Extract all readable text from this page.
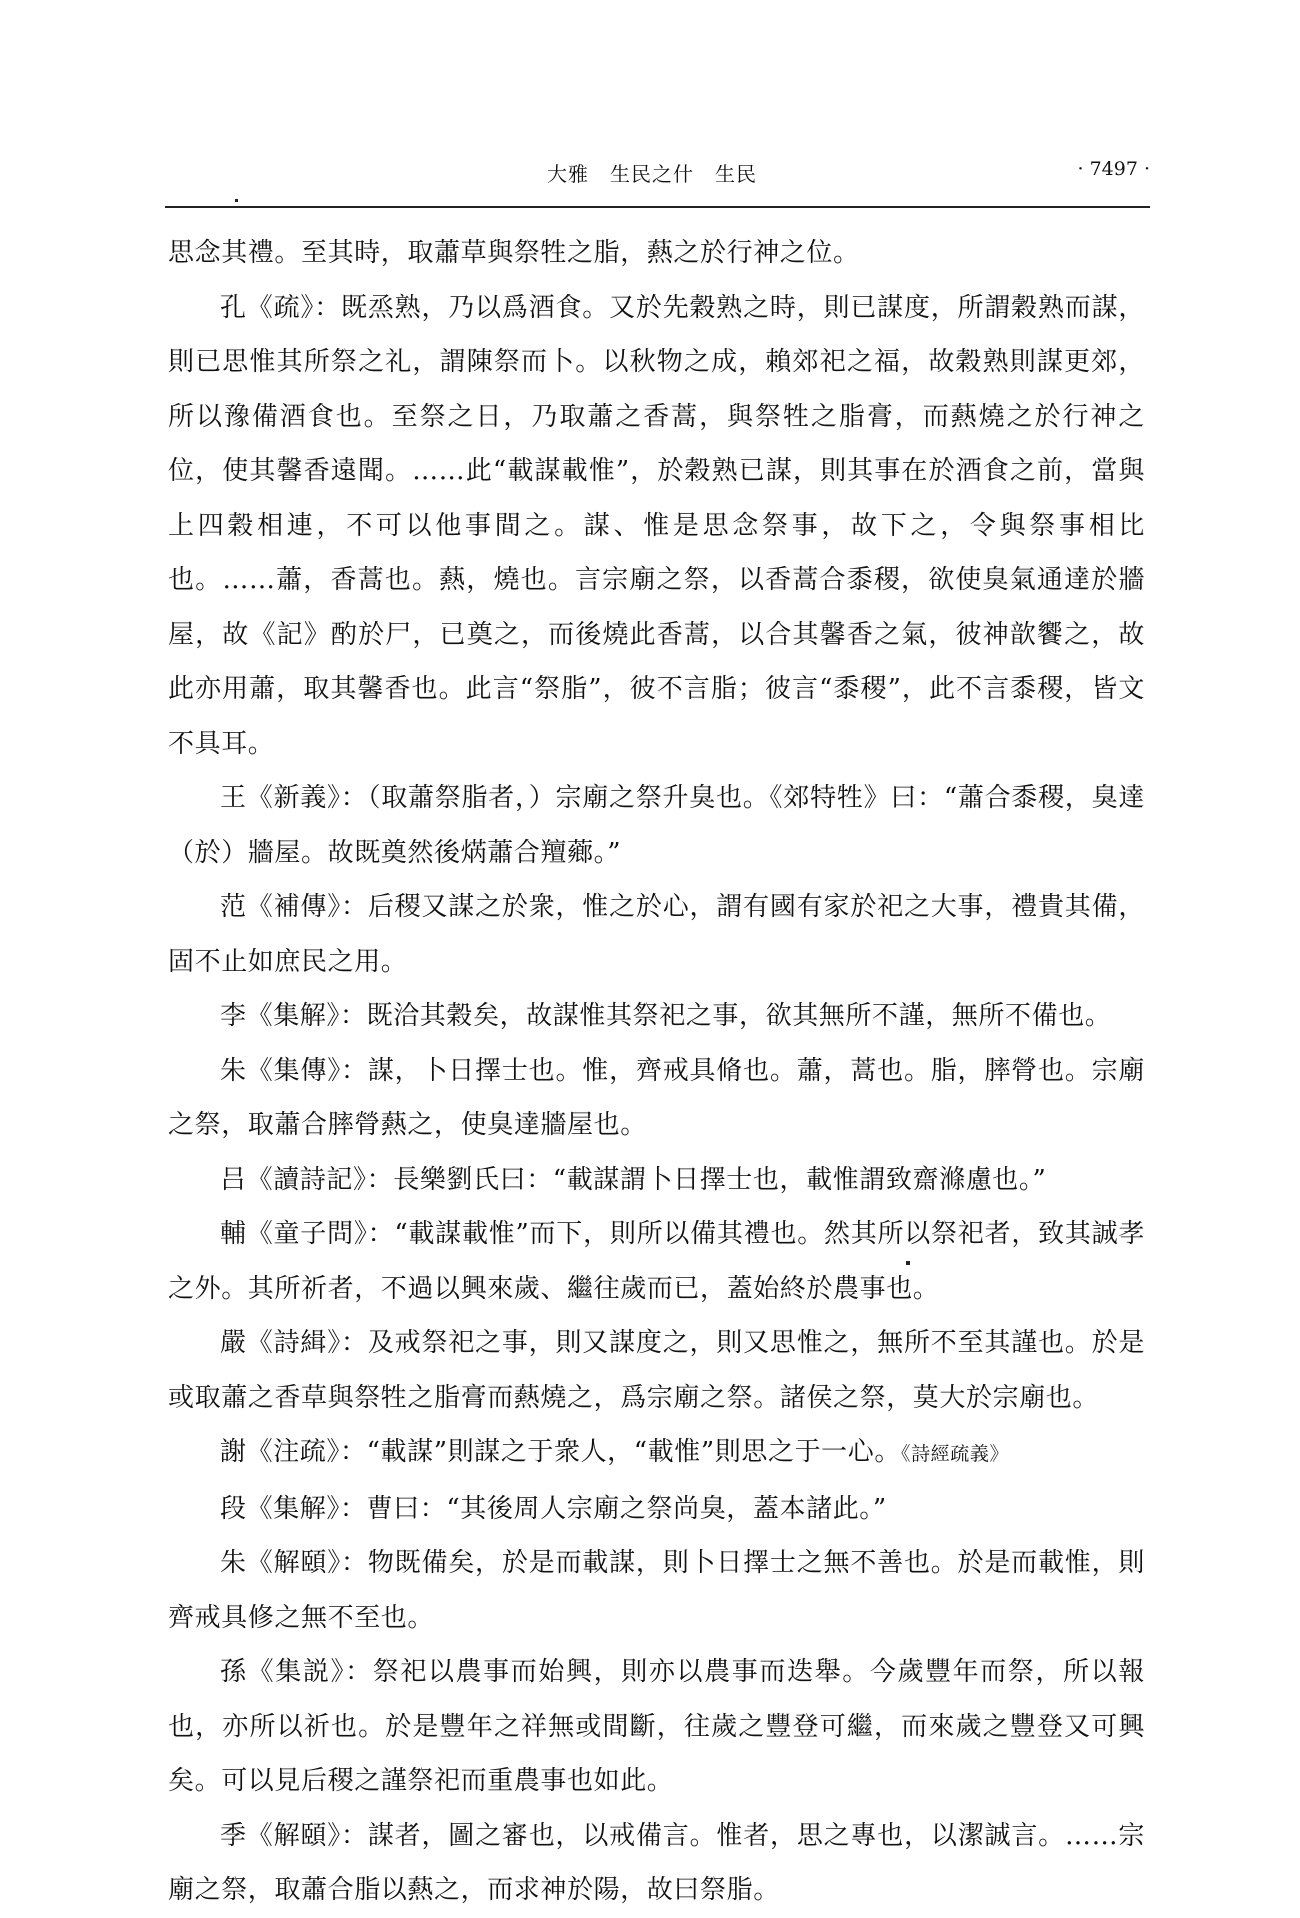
大雅　生民之什　生民	· 7497 ·

思念其禮。至其時，取蕭草與祭牲之脂，爇之於行神之位。

孔《疏》：既烝熟，乃以爲酒食。又於先穀熟之時，則已謀度，所謂穀熟而謀，則已思惟其所祭之礼，謂陳祭而卜。以秋物之成，賴郊祀之福，故穀熟則謀更郊，所以豫備酒食也。至祭之日，乃取蕭之香蒿，與祭牲之脂膏，而爇燒之於行神之位，使其馨香遠聞。……此“載謀載惟”，於穀熟已謀，則其事在於酒食之前，當與上四穀相連，不可以他事間之。謀、惟是思念祭事，故下之，令與祭事相比也。……蕭，香蒿也。爇，燒也。言宗廟之祭，以香蒿合黍稷，欲使臭氣通達於牆屋，故《記》酌於尸，已奠之，而後燒此香蒿，以合其馨香之氣，彼神歆饗之，故此亦用蕭，取其馨香也。此言“祭脂”，彼不言脂；彼言“黍稷”，此不言黍稷，皆文不具耳。

王《新義》：（取蕭祭脂者，）宗廟之祭升臭也。《郊特牲》曰：“蕭合黍稷，臭達（於）牆屋。故既奠然後焫蕭合羶薌。”

范《補傳》：后稷又謀之於衆，惟之於心，謂有國有家於祀之大事，禮貴其備，固不止如庶民之用。

李《集解》：既洽其穀矣，故謀惟其祭祀之事，欲其無所不謹，無所不備也。

朱《集傳》：謀，卜日擇士也。惟，齊戒具脩也。蕭，蒿也。脂，膟膋也。宗廟之祭，取蕭合膟膋爇之，使臭達牆屋也。

吕《讀詩記》：長樂劉氏曰：“載謀謂卜日擇士也，載惟謂致齋滌慮也。”

輔《童子問》：“載謀載惟”而下，則所以備其禮也。然其所以祭祀者，致其誠孝之外。其所祈者，不過以興來歲、繼往歲而已，蓋始終於農事也。

嚴《詩緝》：及戒祭祀之事，則又謀度之，則又思惟之，無所不至其謹也。於是或取蕭之香草與祭牲之脂膏而爇燒之，爲宗廟之祭。諸侯之祭，莫大於宗廟也。

謝《注疏》：“載謀”則謀之于衆人，“載惟”則思之于一心。《詩經疏義》

段《集解》：曹曰：“其後周人宗廟之祭尚臭，蓋本諸此。”

朱《解頤》：物既備矣，於是而載謀，則卜日擇士之無不善也。於是而載惟，則齊戒具修之無不至也。

孫《集説》：祭祀以農事而始興，則亦以農事而迭舉。今歲豐年而祭，所以報也，亦所以祈也。於是豐年之祥無或間斷，往歲之豐登可繼，而來歲之豐登又可興矣。可以見后稷之謹祭祀而重農事也如此。

季《解頤》：謀者，圖之審也，以戒備言。惟者，思之專也，以潔誠言。……宗廟之祭，取蕭合脂以爇之，而求神於陽，故曰祭脂。
